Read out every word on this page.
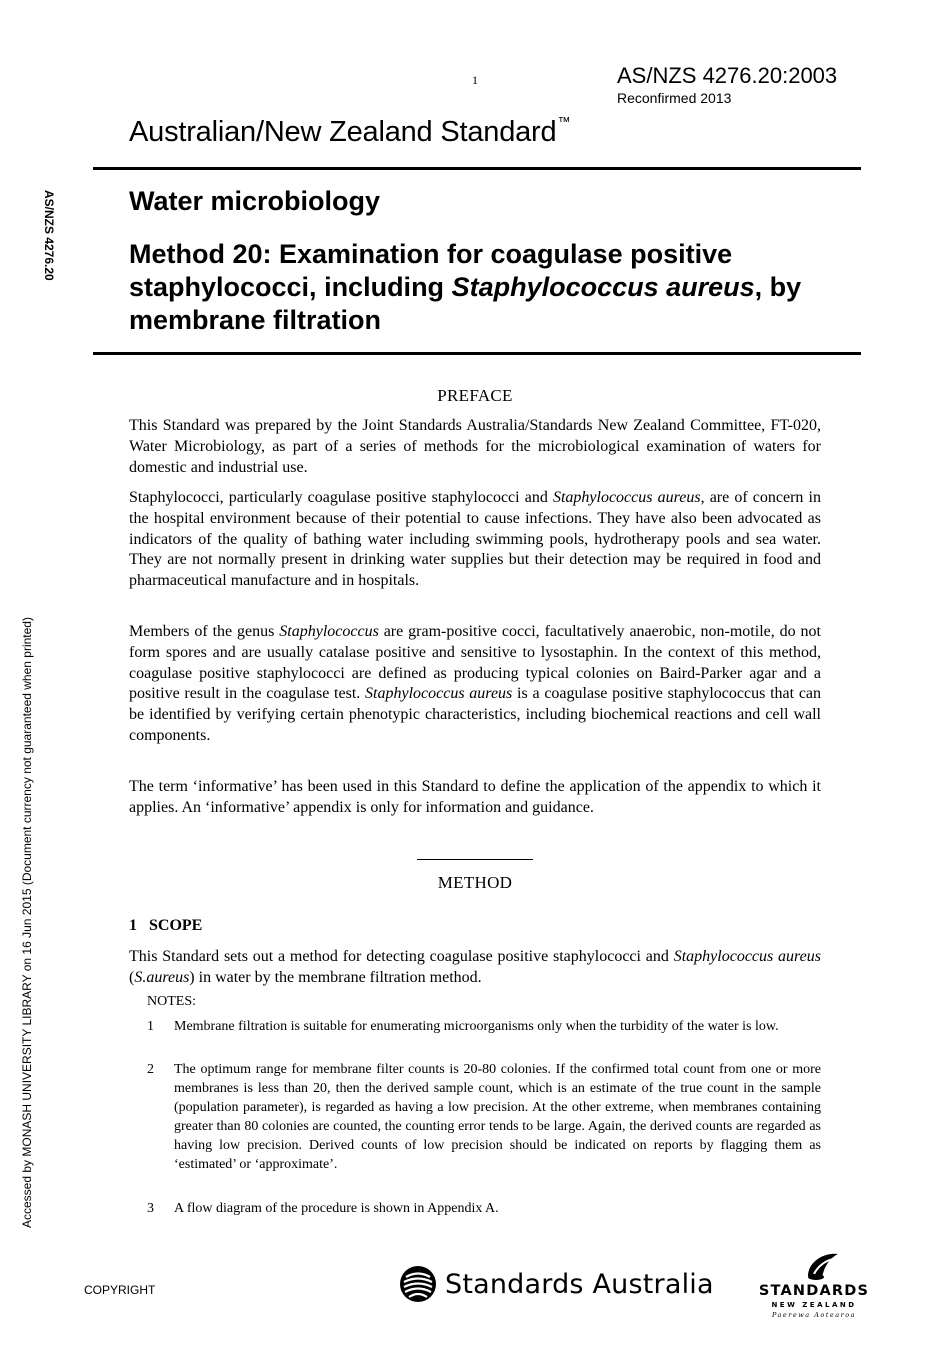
1	AS/NZS 4276.20:2003
Reconfirmed 2013
Australian/New Zealand Standard™
AS/NZS 4276.20
Accessed by MONASH UNIVERSITY LIBRARY on 16 Jun 2015 (Document currency not guaranteed when printed)
Water microbiology
Method 20: Examination for coagulase positive staphylococci, including Staphylococcus aureus, by membrane filtration
PREFACE
This Standard was prepared by the Joint Standards Australia/Standards New Zealand Committee, FT-020, Water Microbiology, as part of a series of methods for the microbiological examination of waters for domestic and industrial use.
Staphylococci, particularly coagulase positive staphylococci and Staphylococcus aureus, are of concern in the hospital environment because of their potential to cause infections. They have also been advocated as indicators of the quality of bathing water including swimming pools, hydrotherapy pools and sea water. They are not normally present in drinking water supplies but their detection may be required in food and pharmaceutical manufacture and in hospitals.
Members of the genus Staphylococcus are gram-positive cocci, facultatively anaerobic, non-motile, do not form spores and are usually catalase positive and sensitive to lysostaphin. In the context of this method, coagulase positive staphylococci are defined as producing typical colonies on Baird-Parker agar and a positive result in the coagulase test. Staphylococcus aureus is a coagulase positive staphylococcus that can be identified by verifying certain phenotypic characteristics, including biochemical reactions and cell wall components.
The term ‘informative’ has been used in this Standard to define the application of the appendix to which it applies. An ‘informative’ appendix is only for information and guidance.
METHOD
1   SCOPE
This Standard sets out a method for detecting coagulase positive staphylococci and Staphylococcus aureus (S.aureus) in water by the membrane filtration method.
NOTES:
1	Membrane filtration is suitable for enumerating microorganisms only when the turbidity of the water is low.
2	The optimum range for membrane filter counts is 20-80 colonies. If the confirmed total count from one or more membranes is less than 20, then the derived sample count, which is an estimate of the true count in the sample (population parameter), is regarded as having a low precision. At the other extreme, when membranes containing greater than 80 colonies are counted, the counting error tends to be large. Again, the derived counts are regarded as having low precision. Derived counts of low precision should be indicated on reports by flagging them as ‘estimated’ or ‘approximate’.
3	A flow diagram of the procedure is shown in Appendix A.
COPYRIGHT	Standards Australia	STANDARDS
NEW ZEALAND
Paerewa Aotearoa
